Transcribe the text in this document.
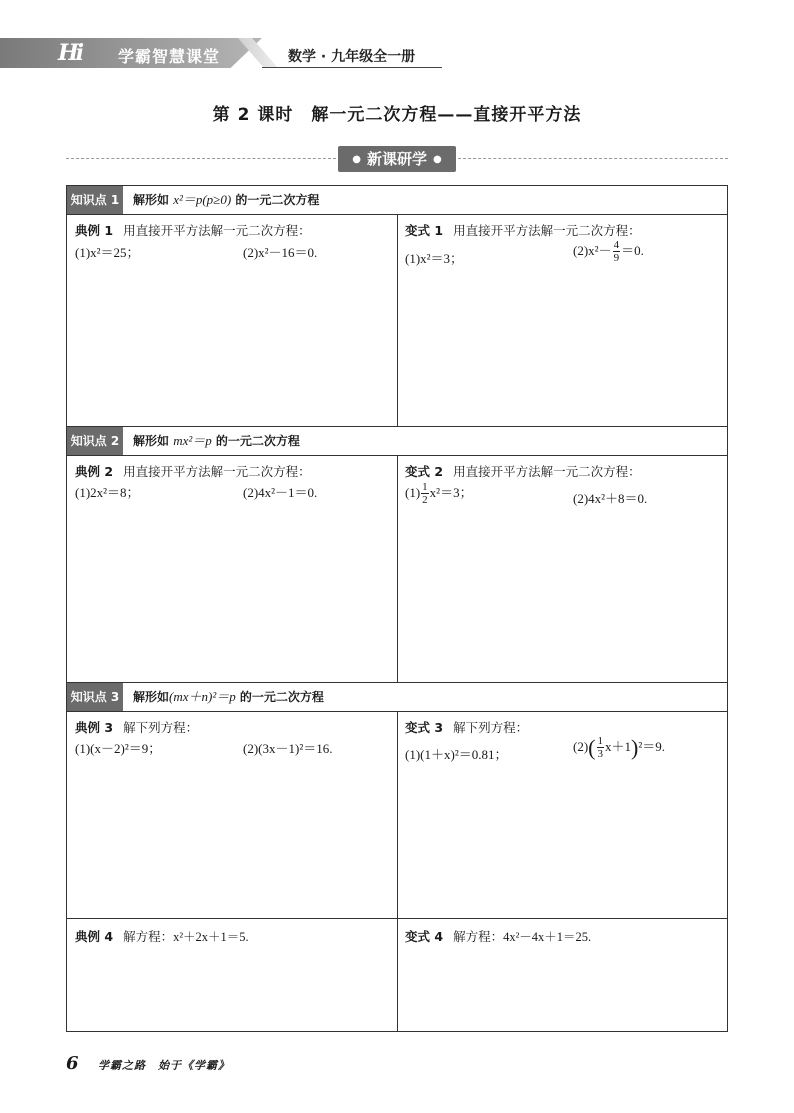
Hi 学霸智慧课堂	数学 · 九年级全一册
第 2 课时　解一元二次方程——直接开平方法
● 新课研学 ●
知识点 1	解形如 x²＝p(p≥0) 的一元二次方程
典例 1 用直接开平方法解一元二次方程：
(1)x²＝25；	(2)x²－16＝0.
变式 1 用直接开平方法解一元二次方程：
(1)x²＝3；
$(2)x^2- \frac{4}{9} =0$.
知识点 2	解形如 mx²＝p 的一元二次方程
典例 2 用直接开平方法解一元二次方程：
(1)2x²＝8；	(2)4x²－1＝0.
变式 2 用直接开平方法解一元二次方程：
$(1) \frac{1}{2} x^2=3$；	(2)4x²＋8＝0.
知识点 3	解形如(mx＋n)²＝p 的一元二次方程
典例 3 解下列方程：
(1)(x－2)²＝9；	(2)(3x－1)²＝16.
变式 3 解下列方程：
(1)(1＋x)²＝0.81；
$(2)( \frac{1}{3} x+1)^2=9$.
典例 4 解方程：x²＋2x＋1＝5.	变式 4 解方程：4x²－4x＋1＝25.
6 学霸之路　始于《学霸》
